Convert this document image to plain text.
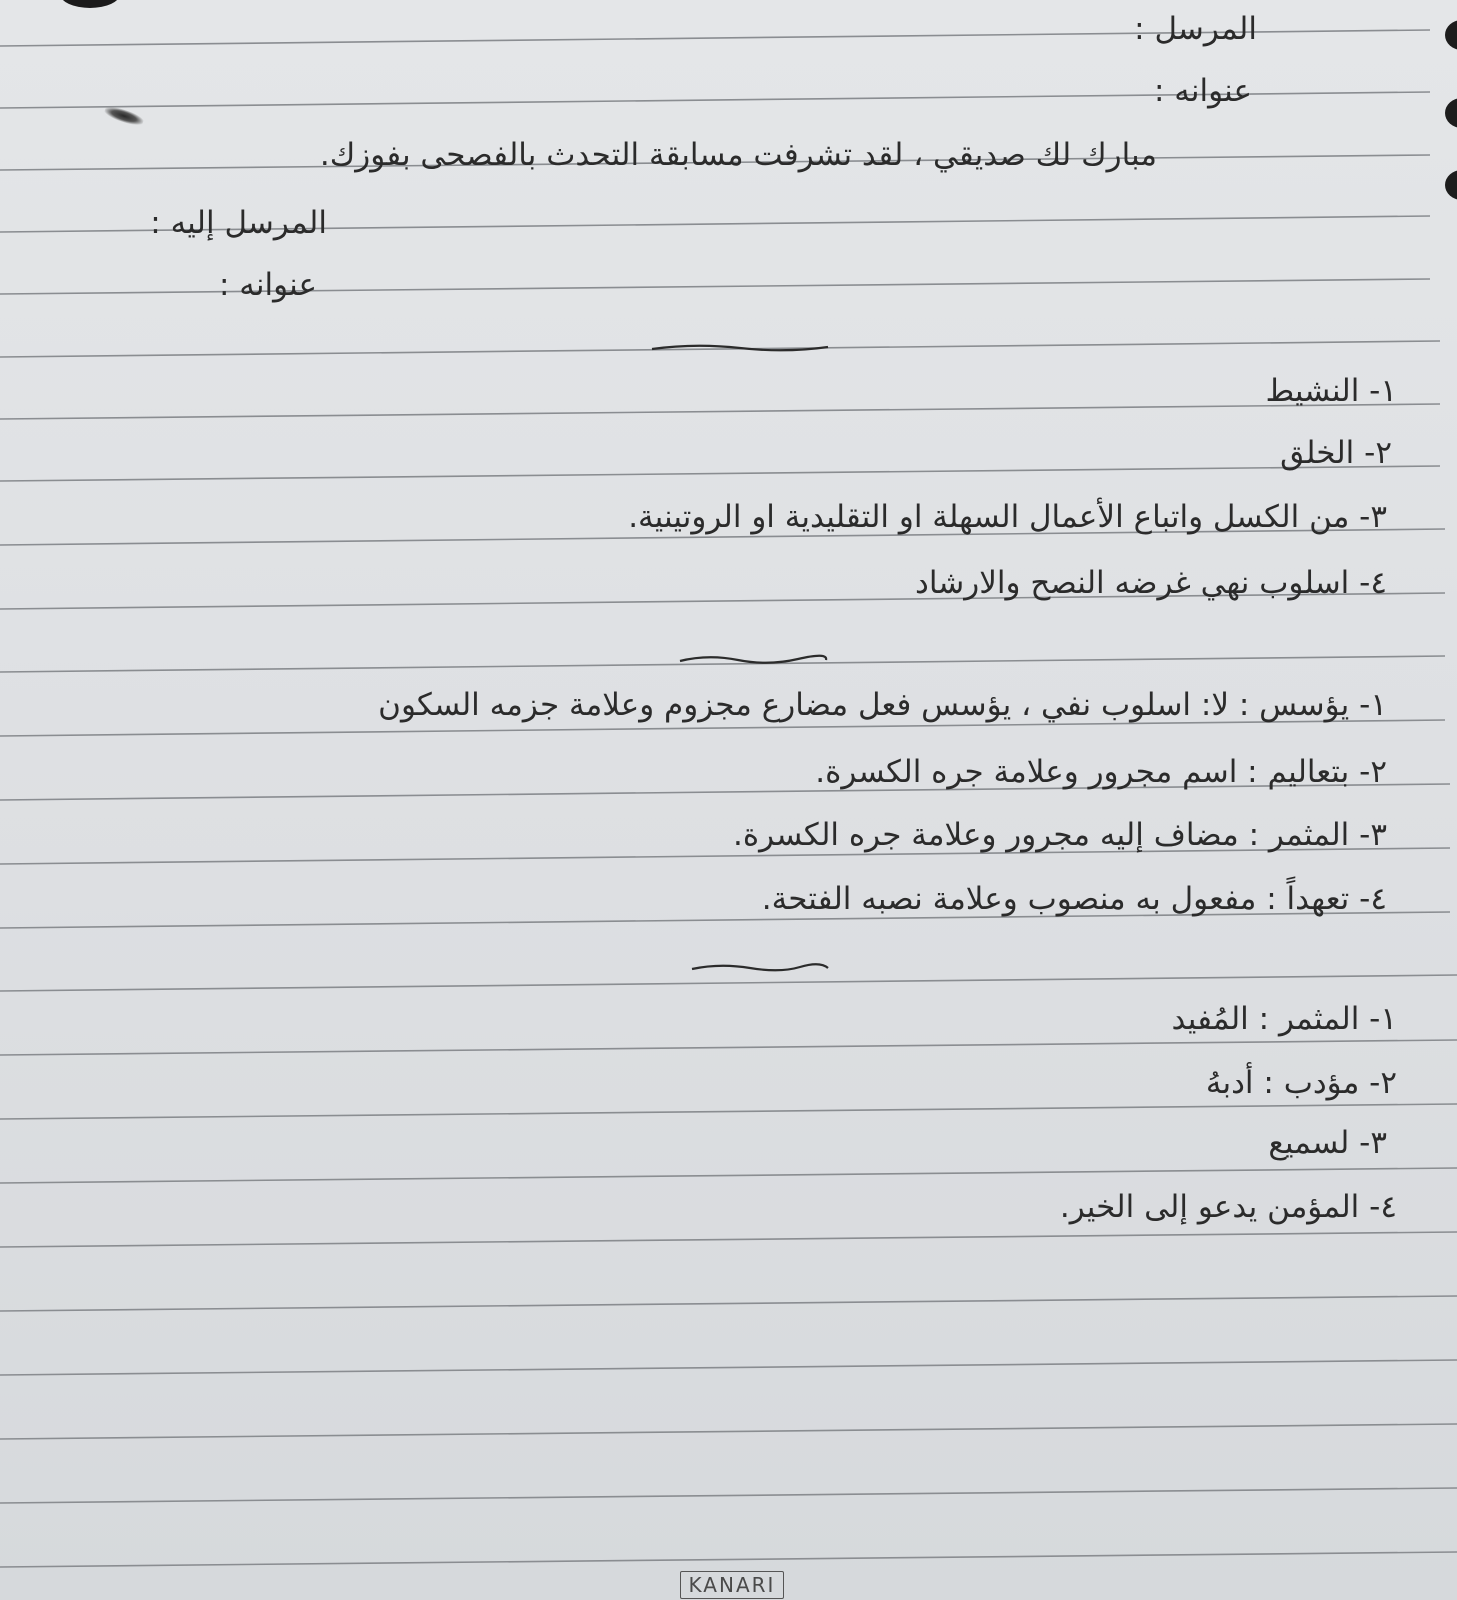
المرسل :
عنوانه :
مبارك لك صديقي ، لقد تشرفت مسابقة التحدث بالفصحى بفوزك.
المرسل إليه :
عنوانه :
١- النشيط
٢- الخلق
٣- من الكسل واتباع الأعمال السهلة او التقليدية او الروتينية.
٤- اسلوب نهي غرضه النصح والارشاد
١- يؤسس : لا: اسلوب نفي ، يؤسس فعل مضارع مجزوم وعلامة جزمه السكون
٢- بتعاليم : اسم مجرور وعلامة جره الكسرة.
٣- المثمر : مضاف إليه مجرور وعلامة جره الكسرة.
٤- تعهداً : مفعول به منصوب وعلامة نصبه الفتحة.
١- المثمر : المُفيد
٢- مؤدب : أدبهُ
٣- لسميع
٤- المؤمن يدعو إلى الخير.
KANARI
